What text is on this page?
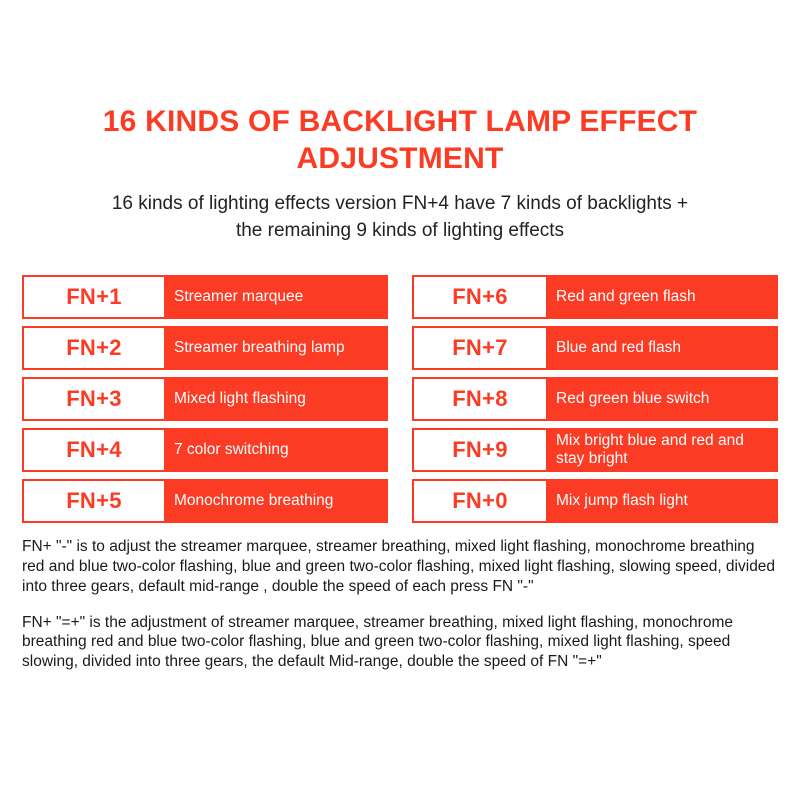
16 KINDS OF BACKLIGHT LAMP EFFECT ADJUSTMENT

16 kinds of lighting effects version FN+4 have 7 kinds of backlights + the remaining 9 kinds of lighting effects

FN+1	Streamer marquee
FN+2	Streamer breathing lamp
FN+3	Mixed light flashing
FN+4	7 color switching
FN+5	Monochrome breathing
FN+6	Red and green flash
FN+7	Blue and red flash
FN+8	Red green blue switch
FN+9	Mix bright blue and red and stay bright
FN+0	Mix jump flash light

FN+ "-" is to adjust the streamer marquee, streamer breathing, mixed light flashing, monochrome breathing red and blue two-color flashing, blue and green two-color flashing, mixed light flashing, slowing speed, divided into three gears, default mid-range , double the speed of each press FN "-"

FN+ "=+" is the adjustment of streamer marquee, streamer breathing, mixed light flashing, monochrome breathing red and blue two-color flashing, blue and green two-color flashing, mixed light flashing, speed slowing, divided into three gears, the default Mid-range, double the speed of FN "=+"
